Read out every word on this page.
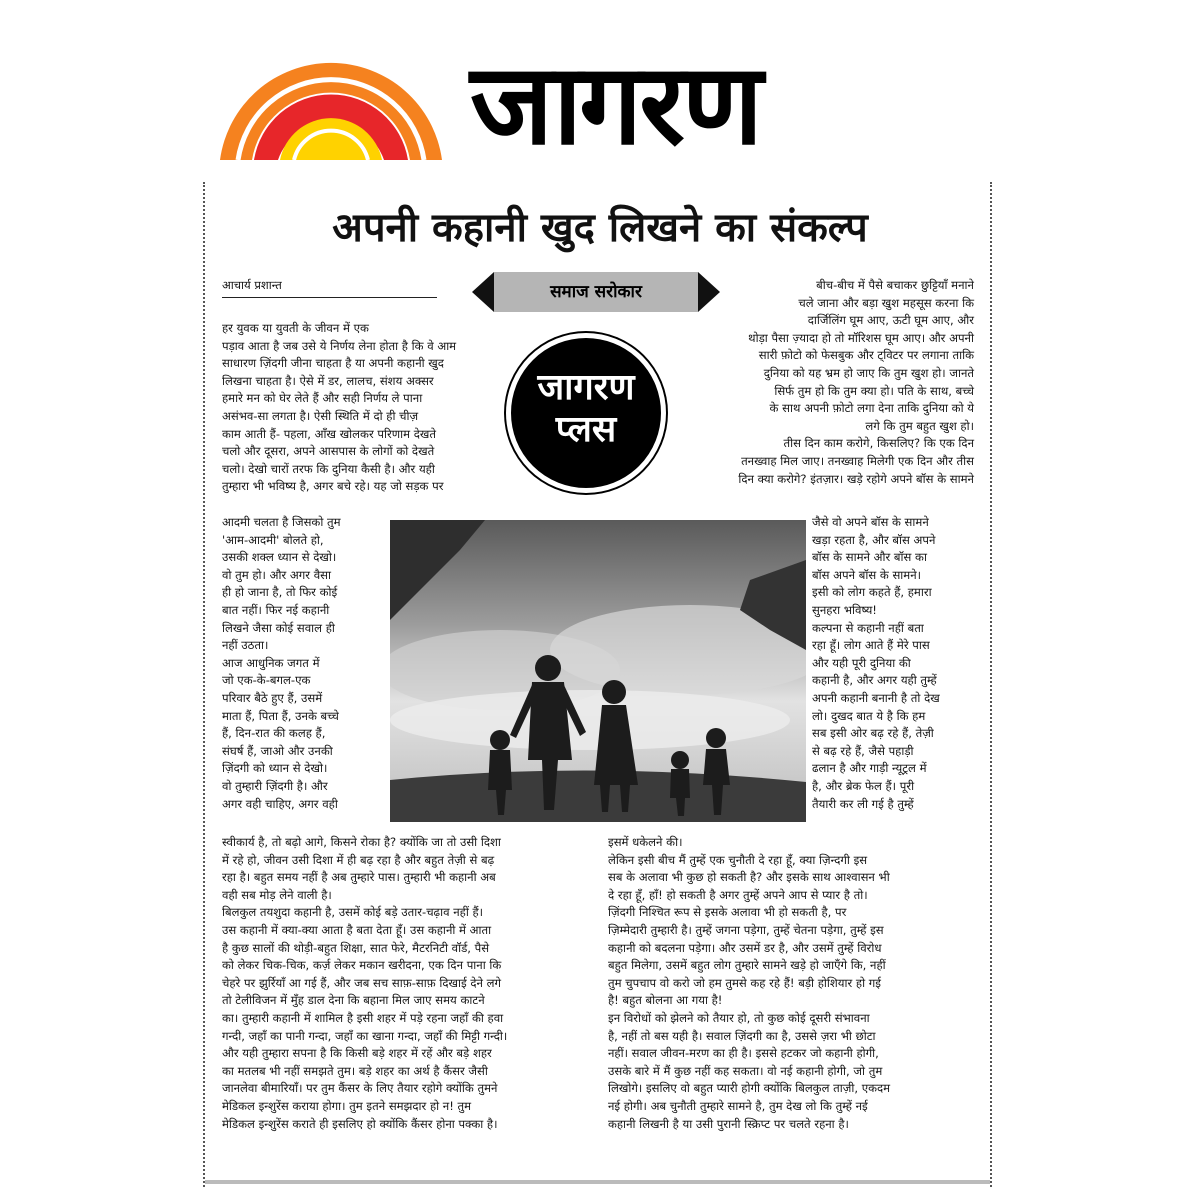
जागरण
अपनी कहानी खुद लिखने का संकल्प
आचार्य प्रशान्त	समाज सरोकार
जागरण
प्लस
हर युवक या युवती के जीवन में एक
पड़ाव आता है जब उसे ये निर्णय लेना होता है कि वे आम
साधारण ज़िंदगी जीना चाहता है या अपनी कहानी खुद
लिखना चाहता है। ऐसे में डर, लालच, संशय अक्सर
हमारे मन को घेर लेते हैं और सही निर्णय ले पाना
असंभव-सा लगता है। ऐसी स्थिति में दो ही चीज़
काम आती हैं- पहला, आँख खोलकर परिणाम देखते
चलो और दूसरा, अपने आसपास के लोगों को देखते
चलो। देखो चारों तरफ कि दुनिया कैसी है। और यही
तुम्हारा भी भविष्य है, अगर बचे रहे। यह जो सड़क पर
आदमी चलता है जिसको तुम
'आम-आदमी' बोलते हो,
उसकी शक्ल ध्यान से देखो।
वो तुम हो। और अगर वैसा
ही हो जाना है, तो फिर कोई
बात नहीं। फिर नई कहानी
लिखने जैसा कोई सवाल ही
नहीं उठता।
आज आधुनिक जगत में
जो एक-के-बगल-एक
परिवार बैठे हुए हैं, उसमें
माता हैं, पिता हैं, उनके बच्चे
हैं, दिन-रात की कलह हैं,
संघर्ष हैं, जाओ और उनकी
ज़िंदगी को ध्यान से देखो।
वो तुम्हारी ज़िंदगी है। और
अगर वही चाहिए, अगर वही
स्वीकार्य है, तो बढ़ो आगे, किसने रोका है? क्योंकि जा तो उसी दिशा
में रहे हो, जीवन उसी दिशा में ही बढ़ रहा है और बहुत तेज़ी से बढ़
रहा है। बहुत समय नहीं है अब तुम्हारे पास। तुम्हारी भी कहानी अब
वही सब मोड़ लेने वाली है।
बिलकुल तयशुदा कहानी है, उसमें कोई बड़े उतार-चढ़ाव नहीं हैं।
उस कहानी में क्या-क्या आता है बता देता हूँ। उस कहानी में आता
है कुछ सालों की थोड़ी-बहुत शिक्षा, सात फेरे, मैटरनिटी वॉर्ड, पैसे
को लेकर चिक-चिक, कर्ज़ लेकर मकान खरीदना, एक दिन पाना कि
चेहरे पर झुर्रियाँ आ गई हैं, और जब सच साफ़-साफ़ दिखाई देने लगे
तो टेलीविजन में मुँह डाल देना कि बहाना मिल जाए समय काटने
का। तुम्हारी कहानी में शामिल है इसी शहर में पड़े रहना जहाँ की हवा
गन्दी, जहाँ का पानी गन्दा, जहाँ का खाना गन्दा, जहाँ की मिट्टी गन्दी।
और यही तुम्हारा सपना है कि किसी बड़े शहर में रहें और बड़े शहर
का मतलब भी नहीं समझते तुम। बड़े शहर का अर्थ है कैंसर जैसी
जानलेवा बीमारियाँ। पर तुम कैंसर के लिए तैयार रहोगे क्योंकि तुमने
मेडिकल इन्शुरेंस कराया होगा। तुम इतने समझदार हो न! तुम
मेडिकल इन्शुरेंस कराते ही इसलिए हो क्योंकि कैंसर होना पक्का है।
बीच-बीच में पैसे बचाकर छुट्टियाँ मनाने
चले जाना और बड़ा खुश महसूस करना कि
दार्जिलिंग घूम आए, ऊटी घूम आए, और
थोड़ा पैसा ज़्यादा हो तो मॉरिशस घूम आए। और अपनी
सारी फ़ोटो को फेसबुक और ट्विटर पर लगाना ताकि
दुनिया को यह भ्रम हो जाए कि तुम खुश हो। जानते
सिर्फ तुम हो कि तुम क्या हो। पति के साथ, बच्चे
के साथ अपनी फ़ोटो लगा देना ताकि दुनिया को ये
लगे कि तुम बहुत खुश हो।
तीस दिन काम करोगे, किसलिए? कि एक दिन
तनख्वाह मिल जाए। तनख्वाह मिलेगी एक दिन और तीस
दिन क्या करोगे? इंतज़ार। खड़े रहोगे अपने बॉस के सामने
जैसे वो अपने बॉस के सामने
खड़ा रहता है, और बॉस अपने
बॉस के सामने और बॉस का
बॉस अपने बॉस के सामने।
इसी को लोग कहते हैं, हमारा
सुनहरा भविष्य!
कल्पना से कहानी नहीं बता
रहा हूँ। लोग आते हैं मेरे पास
और यही पूरी दुनिया की
कहानी है, और अगर यही तुम्हें
अपनी कहानी बनानी है तो देख
लो। दुखद बात ये है कि हम
सब इसी ओर बढ़ रहे हैं, तेज़ी
से बढ़ रहे हैं, जैसे पहाड़ी
ढलान है और गाड़ी न्यूट्रल में
है, और ब्रेक फेल हैं। पूरी
तैयारी कर ली गई है तुम्हें
इसमें धकेलने की।
लेकिन इसी बीच मैं तुम्हें एक चुनौती दे रहा हूँ, क्या ज़िन्दगी इस
सब के अलावा भी कुछ हो सकती है? और इसके साथ आश्वासन भी
दे रहा हूँ, हाँ! हो सकती है अगर तुम्हें अपने आप से प्यार है तो।
ज़िंदगी निश्चित रूप से इसके अलावा भी हो सकती है, पर
ज़िम्मेदारी तुम्हारी है। तुम्हें जगना पड़ेगा, तुम्हें चेतना पड़ेगा, तुम्हें इस
कहानी को बदलना पड़ेगा। और उसमें डर है, और उसमें तुम्हें विरोध
बहुत मिलेगा, उसमें बहुत लोग तुम्हारे सामने खड़े हो जाएँगे कि, नहीं
तुम चुपचाप वो करो जो हम तुमसे कह रहे हैं! बड़ी होशियार हो गई
है! बहुत बोलना आ गया है!
इन विरोधों को झेलने को तैयार हो, तो कुछ कोई दूसरी संभावना
है, नहीं तो बस यही है। सवाल ज़िंदगी का है, उससे ज़रा भी छोटा
नहीं। सवाल जीवन-मरण का ही है। इससे हटकर जो कहानी होगी,
उसके बारे में मैं कुछ नहीं कह सकता। वो नई कहानी होगी, जो तुम
लिखोगे। इसलिए वो बहुत प्यारी होगी क्योंकि बिलकुल ताज़ी, एकदम
नई होगी। अब चुनौती तुम्हारे सामने है, तुम देख लो कि तुम्हें नई
कहानी लिखनी है या उसी पुरानी स्क्रिप्ट पर चलते रहना है।
